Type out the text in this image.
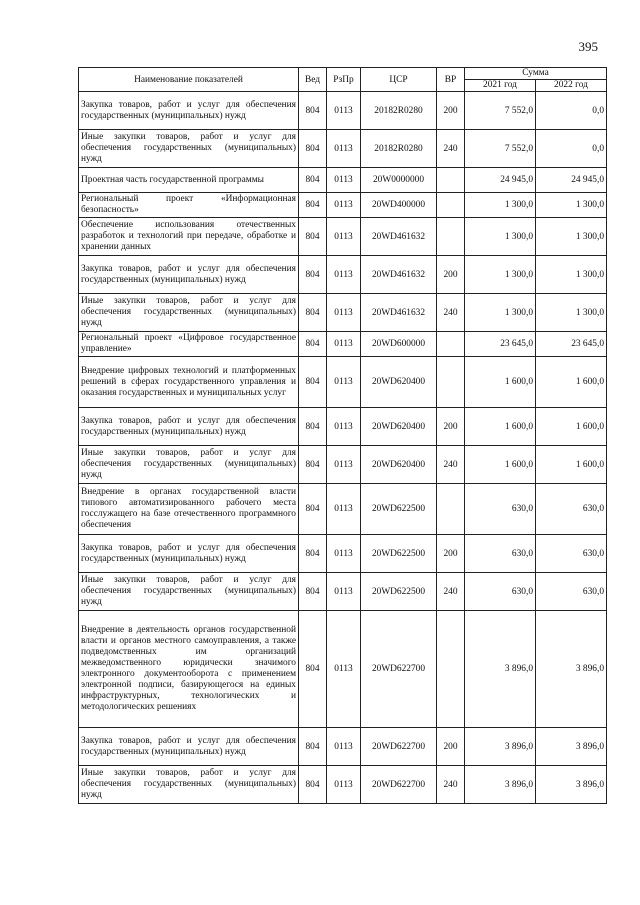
395
Наименование показателей	Вед	РзПр	ЦСР	ВР	Сумма	
					2021 год	2022 год
Закупка товаров, работ и услуг для обеспечения государственных (муниципальных) нужд	804	0113	20182R0280	200	7 552,0	0,0
Иные закупки товаров, работ и услуг для обеспечения государственных (муниципальных) нужд	804	0113	20182R0280	240	7 552,0	0,0
Проектная часть государственной программы	804	0113	20W0000000		24 945,0	24 945,0
Региональный проект «Информационная безопасность»	804	0113	20WD400000		1 300,0	1 300,0
Обеспечение использования отечественных разработок и технологий при передаче, обработке и хранении данных	804	0113	20WD461632		1 300,0	1 300,0
Закупка товаров, работ и услуг для обеспечения государственных (муниципальных) нужд	804	0113	20WD461632	200	1 300,0	1 300,0
Иные закупки товаров, работ и услуг для обеспечения государственных (муниципальных) нужд	804	0113	20WD461632	240	1 300,0	1 300,0
Региональный проект «Цифровое государственное управление»	804	0113	20WD600000		23 645,0	23 645,0
Внедрение цифровых технологий и платформенных решений в сферах государственного управления и оказания государственных и муниципальных услуг	804	0113	20WD620400		1 600,0	1 600,0
Закупка товаров, работ и услуг для обеспечения государственных (муниципальных) нужд	804	0113	20WD620400	200	1 600,0	1 600,0
Иные закупки товаров, работ и услуг для обеспечения государственных (муниципальных) нужд	804	0113	20WD620400	240	1 600,0	1 600,0
Внедрение в органах государственной власти типового автоматизированного рабочего места госслужащего на базе отечественного программного обеспечения	804	0113	20WD622500		630,0	630,0
Закупка товаров, работ и услуг для обеспечения государственных (муниципальных) нужд	804	0113	20WD622500	200	630,0	630,0
Иные закупки товаров, работ и услуг для обеспечения государственных (муниципальных) нужд	804	0113	20WD622500	240	630,0	630,0
Внедрение в деятельность органов государственной власти и органов местного самоуправления, а также подведомственных им организаций межведомственного юридически значимого электронного документооборота с применением электронной подписи, базирующегося на единых инфраструктурных, технологических и методологических решениях	804	0113	20WD622700		3 896,0	3 896,0
Закупка товаров, работ и услуг для обеспечения государственных (муниципальных) нужд	804	0113	20WD622700	200	3 896,0	3 896,0
Иные закупки товаров, работ и услуг для обеспечения государственных (муниципальных) нужд	804	0113	20WD622700	240	3 896,0	3 896,0
